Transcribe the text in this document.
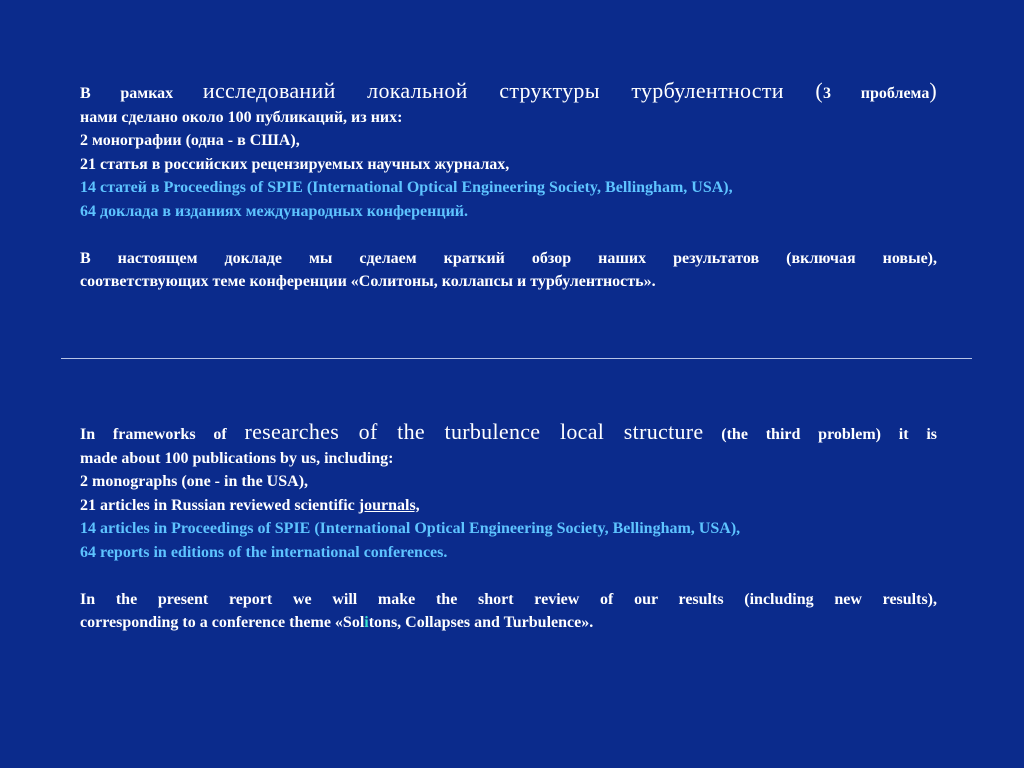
В рамках исследований локальной структуры турбулентности (3 проблема)
нами сделано около 100 публикаций, из них:
2 монографии (одна - в США),
21 статья в российских рецензируемых научных журналах,
14 статей в Proceedings of SPIE (International Optical Engineering Society, Bellingham, USA),
64 доклада в изданиях международных конференций.
В настоящем докладе мы сделаем краткий обзор наших результатов (включая новые),
соответствующих теме конференции «Солитоны, коллапсы и турбулентность».
In frameworks of researches of the turbulence local structure (the third problem) it is
made about 100 publications by us, including:
2 monographs (one - in the USA),
21 articles in Russian reviewed scientific journals,
14 articles in Proceedings of SPIE (International Optical Engineering Society, Bellingham, USA),
64 reports in editions of the international conferences.
In the present report we will make the short review of our results (including new results),
corresponding to a conference theme «Solitons, Collapses and Turbulence».
